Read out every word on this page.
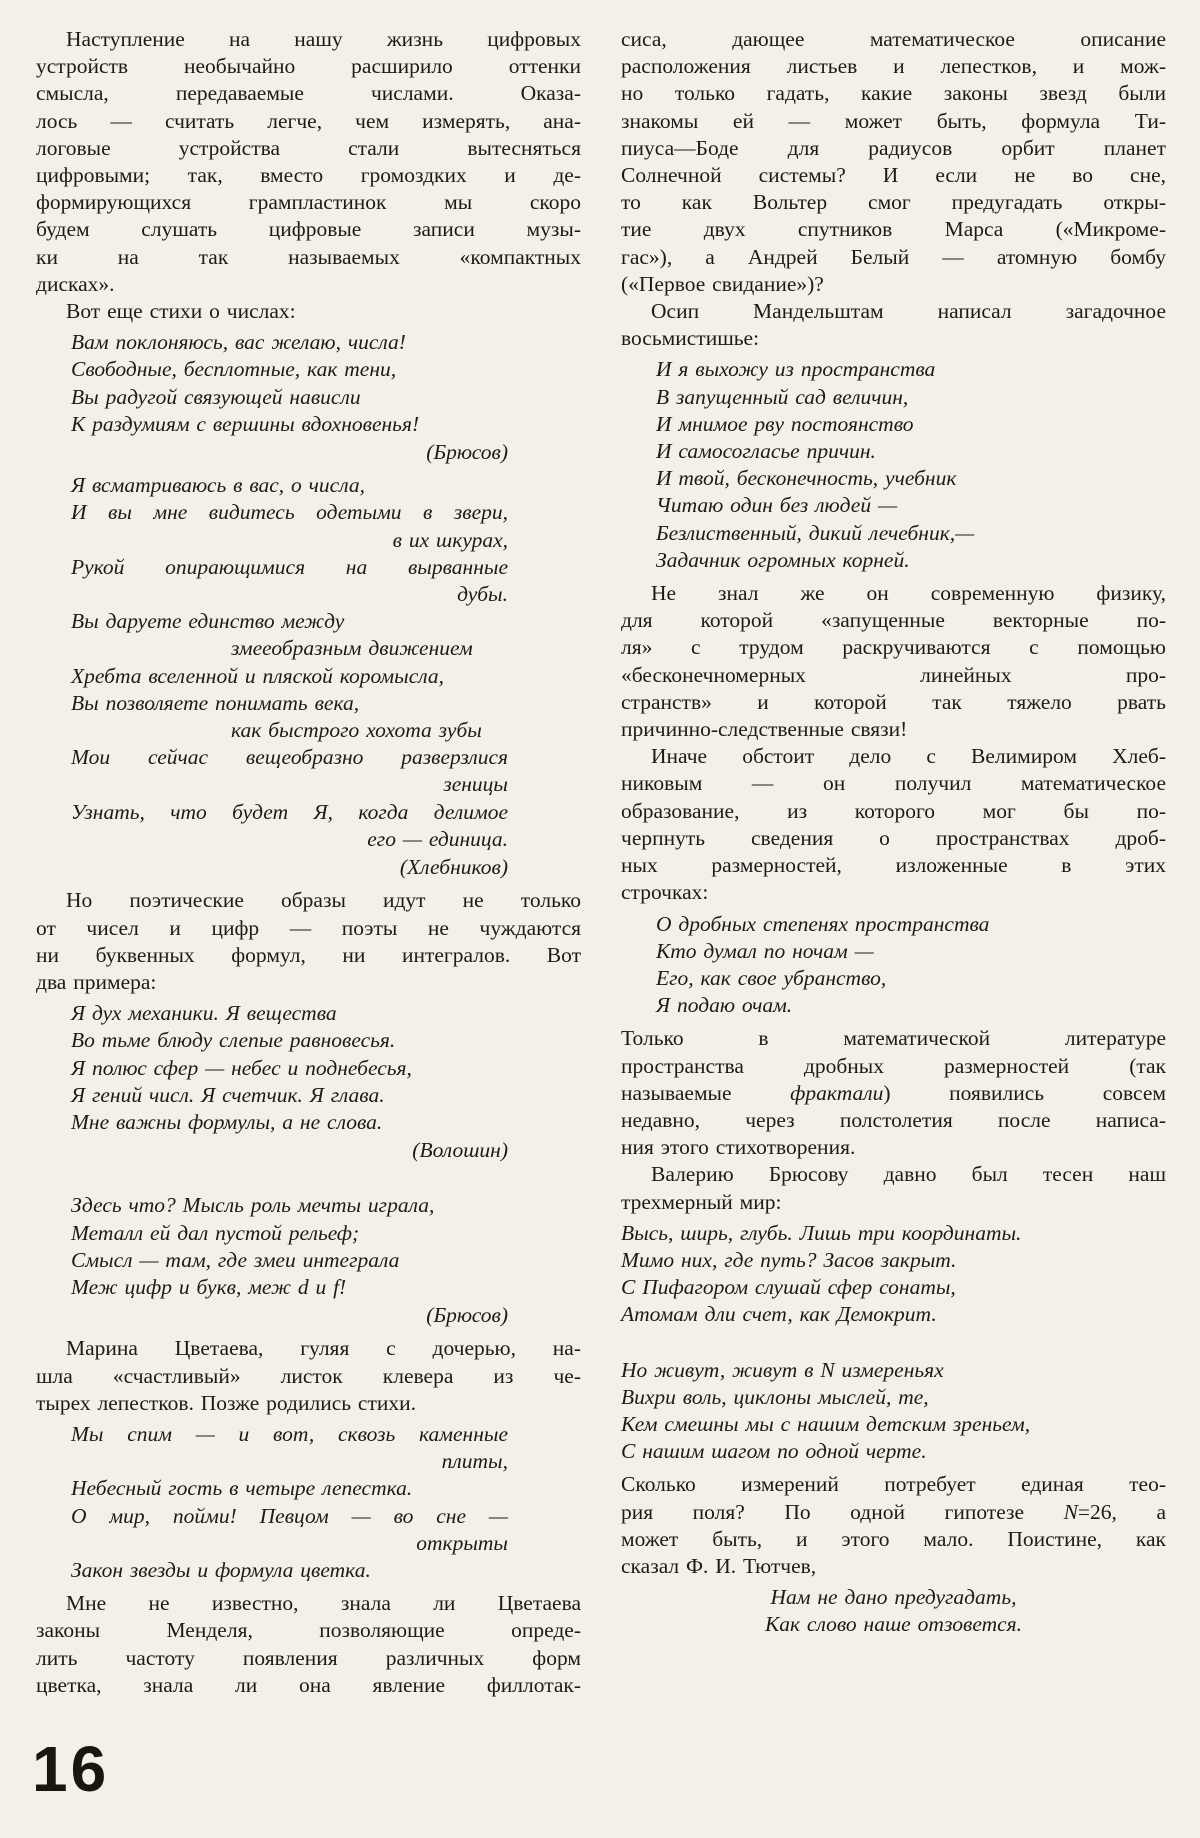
Наступление на нашу жизнь цифровых
устройств необычайно расширило оттенки
смысла, передаваемые числами. Оказа-
лось — считать легче, чем измерять, ана-
логовые устройства стали вытесняться
цифровыми; так, вместо громоздких и де-
формирующихся грампластинок мы скоро
будем слушать цифровые записи музы-
ки на так называемых «компактных
дисках».
Вот еще стихи о числах:
Вам поклоняюсь, вас желаю, числа!
Свободные, бесплотные, как тени,
Вы радугой связующей нависли
К раздумиям с вершины вдохновенья!
(Брюсов)
Я всматриваюсь в вас, о числа,
И вы мне видитесь одетыми в звери,
в их шкурах,
Рукой опирающимися на вырванные
дубы.
Вы даруете единство между
змееобразным движением
Хребта вселенной и пляской коромысла,
Вы позволяете понимать века,
как быстрого хохота зубы
Мои сейчас вещеобразно разверзлися
зеницы
Узнать, что будет Я, когда делимое
его — единица.
(Хлебников)
Но поэтические образы идут не только
от чисел и цифр — поэты не чуждаются
ни буквенных формул, ни интегралов. Вот
два примера:
Я дух механики. Я вещества
Во тьме блюду слепые равновесья.
Я полюс сфер — небес и поднебесья,
Я гений числ. Я счетчик. Я глава.
Мне важны формулы, а не слова.
(Волошин)
Здесь что? Мысль роль мечты играла,
Металл ей дал пустой рельеф;
Смысл — там, где змеи интеграла
Меж цифр и букв, меж d и f!
(Брюсов)
Марина Цветаева, гуляя с дочерью, на-
шла «счастливый» листок клевера из че-
тырех лепестков. Позже родились стихи.
Мы спим — и вот, сквозь каменные
плиты,
Небесный гость в четыре лепестка.
О мир, пойми! Певцом — во сне —
открыты
Закон звезды и формула цветка.
Мне не известно, знала ли Цветаева
законы Менделя, позволяющие опреде-
лить частоту появления различных форм
цветка, знала ли она явление филлотак-
сиса, дающее математическое описание
расположения листьев и лепестков, и мож-
но только гадать, какие законы звезд были
знакомы ей — может быть, формула Ти-
пиуса—Боде для радиусов орбит планет
Солнечной системы? И если не во сне,
то как Вольтер смог предугадать откры-
тие двух спутников Марса («Микроме-
гас»), а Андрей Белый — атомную бомбу
(«Первое свидание»)?
Осип Мандельштам написал загадочное
восьмистишье:
И я выхожу из пространства
В запущенный сад величин,
И мнимое рву постоянство
И самосогласье причин.
И твой, бесконечность, учебник
Читаю один без людей —
Безлиственный, дикий лечебник,—
Задачник огромных корней.
Не знал же он современную физику,
для которой «запущенные векторные по-
ля» с трудом раскручиваются с помощью
«бесконечномерных линейных про-
странств» и которой так тяжело рвать
причинно-следственные связи!
Иначе обстоит дело с Велимиром Хлеб-
никовым — он получил математическое
образование, из которого мог бы по-
черпнуть сведения о пространствах дроб-
ных размерностей, изложенные в этих
строчках:
О дробных степенях пространства
Кто думал по ночам —
Его, как свое убранство,
Я подаю очам.
Только в математической литературе
пространства дробных размерностей (так
называемые фрактали) появились совсем
недавно, через полстолетия после написа-
ния этого стихотворения.
Валерию Брюсову давно был тесен наш
трехмерный мир:
Высь, ширь, глубь. Лишь три координаты.
Мимо них, где путь? Засов закрыт.
С Пифагором слушай сфер сонаты,
Атомам дли счет, как Демокрит.
Но живут, живут в N измереньях
Вихри воль, циклоны мыслей, те,
Кем смешны мы с нашим детским зреньем,
С нашим шагом по одной черте.
Сколько измерений потребует единая тео-
рия поля? По одной гипотезе N=26, а
может быть, и этого мало. Поистине, как
сказал Ф. И. Тютчев,
Нам не дано предугадать,
Как слово наше отзовется.
16
